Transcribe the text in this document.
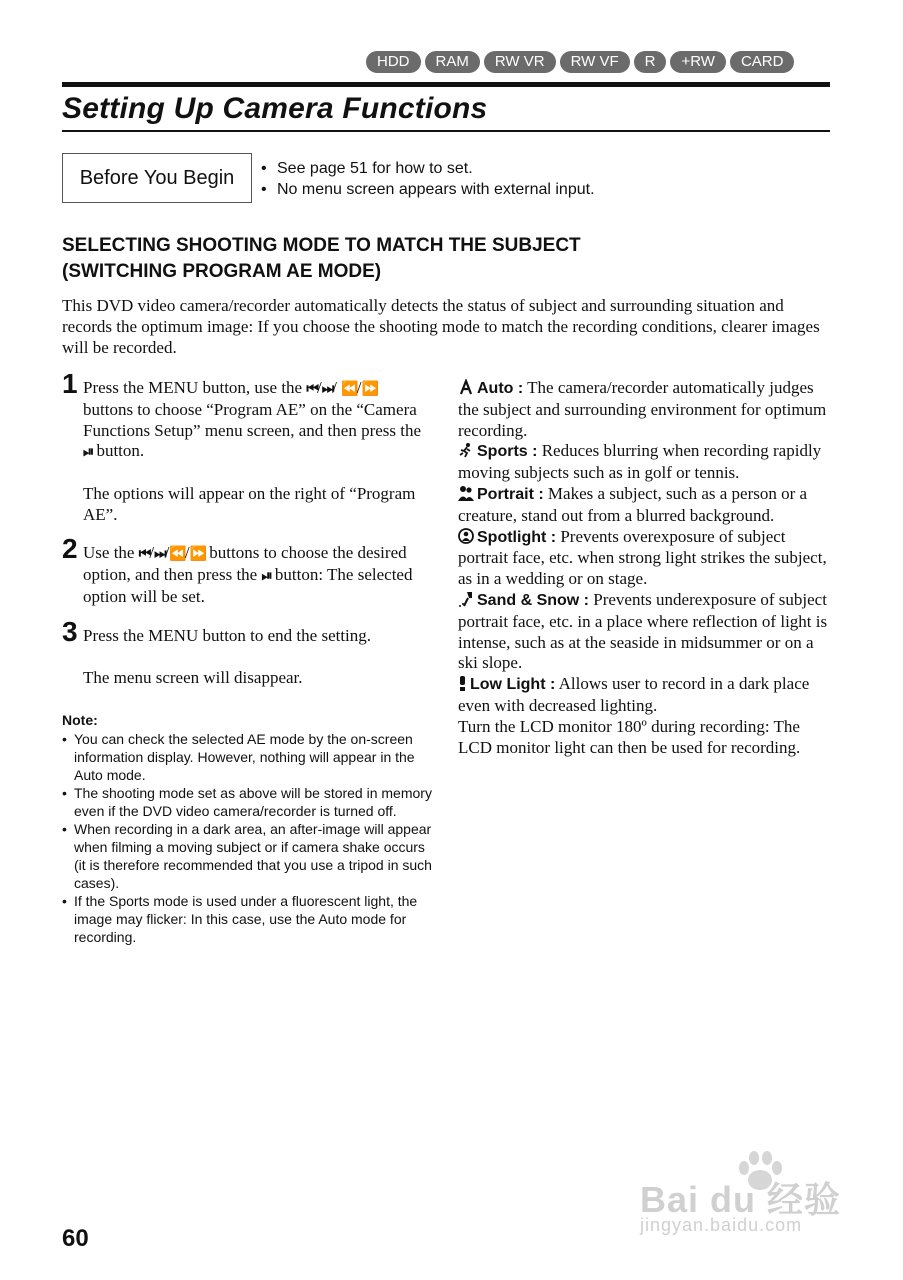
HDD	RAM	RW VR	RW VF	R	+RW	CARD
Setting Up Camera Functions
Before You Begin	• See page 51 for how to set.
• No menu screen appears with external input.
SELECTING SHOOTING MODE TO MATCH THE SUBJECT
(SWITCHING PROGRAM AE MODE)
This DVD video camera/recorder automatically detects the status of subject and surrounding situation and records the optimum image: If you choose the shooting mode to match the recording conditions, clearer images will be recorded.
1 Press the MENU button, use the ⏮/⏭/ ⏪/⏩ buttons to choose “Program AE” on the “Camera Functions Setup” menu screen, and then press the ⏯ button.
The options will appear on the right of “Program AE”.
2 Use the ⏮/⏭/⏪/⏩ buttons to choose the desired option, and then press the ⏯ button: The selected option will be set.
3 Press the MENU button to end the setting.
The menu screen will disappear.
Note:
• You can check the selected AE mode by the on-screen information display. However, nothing will appear in the Auto mode.
• The shooting mode set as above will be stored in memory even if the DVD video camera/recorder is turned off.
• When recording in a dark area, an after-image will appear when filming a moving subject or if camera shake occurs (it is therefore recommended that you use a tripod in such cases).
• If the Sports mode is used under a fluorescent light, the image may flicker: In this case, use the Auto mode for recording.
Auto : The camera/recorder automatically judges the subject and surrounding environment for optimum recording.
Sports : Reduces blurring when recording rapidly moving subjects such as in golf or tennis.
Portrait : Makes a subject, such as a person or a creature, stand out from a blurred background.
Spotlight : Prevents overexposure of subject portrait face, etc. when strong light strikes the subject, as in a wedding or on stage.
Sand & Snow : Prevents underexposure of subject portrait face, etc. in a place where reflection of light is intense, such as at the seaside in midsummer or on a ski slope.
Low Light : Allows user to record in a dark place even with decreased lighting.
Turn the LCD monitor 180º during recording: The LCD monitor light can then be used for recording.
60
Bai du 经验
jingyan.baidu.com
